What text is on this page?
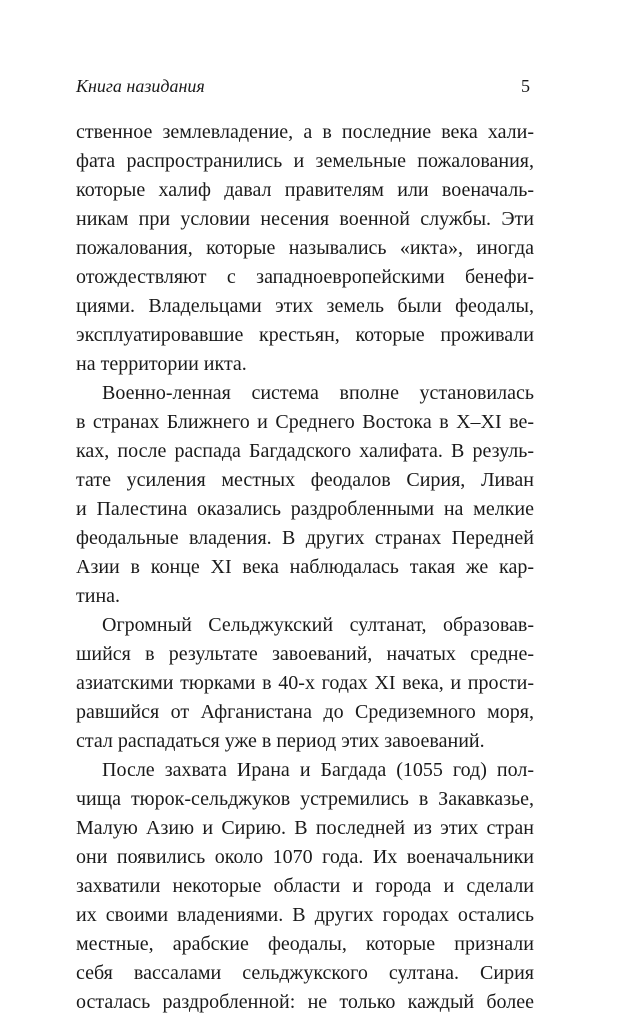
Книга назидания	5
ственное землевладение, а в последние века хали-
фата распространились и земельные пожалования,
которые халиф давал правителям или военачаль-
никам при условии несения военной службы. Эти
пожалования, которые назывались «икта», иногда
отождествляют с западноевропейскими бенефи-
циями. Владельцами этих земель были феодалы,
эксплуатировавшие крестьян, которые проживали
на территории икта.
Военно-ленная система вполне установилась
в странах Ближнего и Среднего Востока в X–XI ве-
ках, после распада Багдадского халифата. В резуль-
тате усиления местных феодалов Сирия, Ливан
и Палестина оказались раздробленными на мелкие
феодальные владения. В других странах Передней
Азии в конце XI века наблюдалась такая же кар-
тина.
Огромный Сельджукский султанат, образовав-
шийся в результате завоеваний, начатых средне-
азиатскими тюрками в 40-х годах XI века, и прости-
равшийся от Афганистана до Средиземного моря,
стал распадаться уже в период этих завоеваний.
После захвата Ирана и Багдада (1055 год) пол-
чища тюрок-сельджуков устремились в Закавказье,
Малую Азию и Сирию. В последней из этих стран
они появились около 1070 года. Их военачальники
захватили некоторые области и города и сделали
их своими владениями. В других городах остались
местные, арабские феодалы, которые признали
себя вассалами сельджукского султана. Сирия
осталась раздробленной: не только каждый более
